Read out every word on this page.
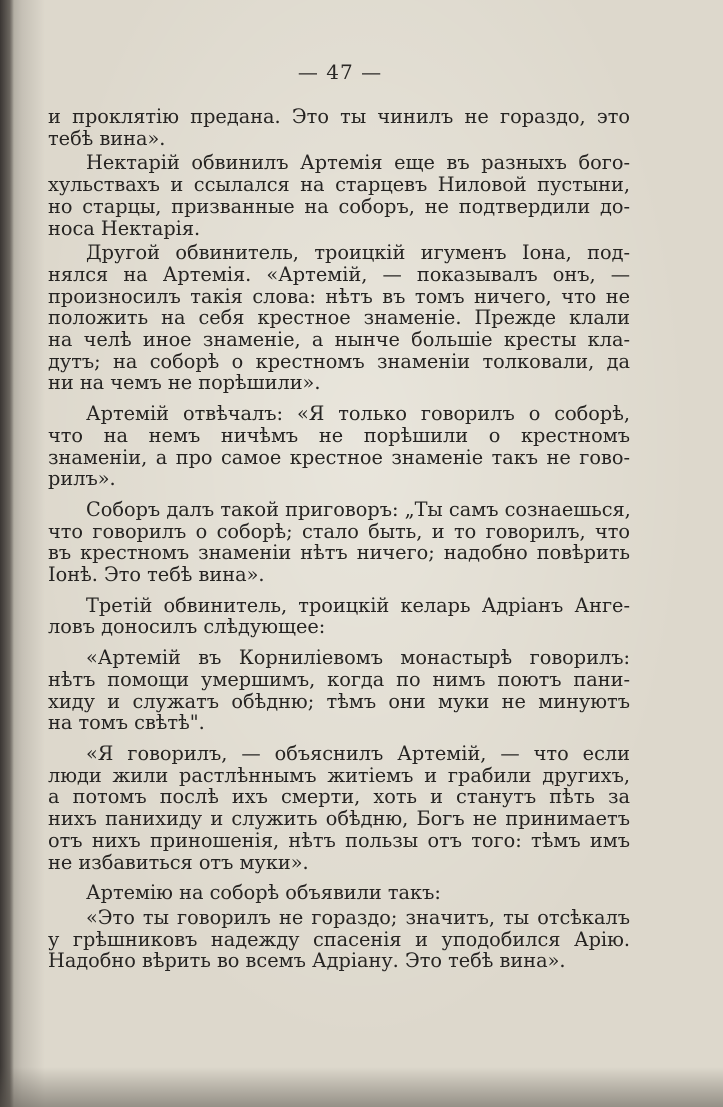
— 47 —
и проклятію предана. Это ты чинилъ не гораздо, это
тебѣ вина».
Нектарій обвинилъ Артемія еще въ разныхъ бого-
хульствахъ и ссылался на старцевъ Ниловой пустыни,
но старцы, призванные на соборъ, не подтвердили до-
носа Нектарія.
Другой обвинитель, троицкій игуменъ Іона, под-
нялся на Артемія. «Артемій, — показывалъ онъ, —
произносилъ такія слова: нѣтъ въ томъ ничего, что не
положить на себя крестное знаменіе. Прежде клали
на челѣ иное знаменіе, а нынче большіе кресты кла-
дутъ; на соборѣ о крестномъ знаменіи толковали, да
ни на чемъ не порѣшили».
Артемій отвѣчалъ: «Я только говорилъ о соборѣ,
что на немъ ничѣмъ не порѣшили о крестномъ
знаменіи, а про самое крестное знаменіе такъ не гово-
рилъ».
Соборъ далъ такой приговоръ: „Ты самъ сознаешься,
что говорилъ о соборѣ; стало быть, и то говорилъ, что
въ крестномъ знаменіи нѣтъ ничего; надобно повѣрить
Іонѣ. Это тебѣ вина».
Третій обвинитель, троицкій келарь Адріанъ Анге-
ловъ доносилъ слѣдующее:
«Артемій въ Корниліевомъ монастырѣ говорилъ:
нѣтъ помощи умершимъ, когда по нимъ поютъ пани-
хиду и служатъ обѣдню; тѣмъ они муки не минуютъ
на томъ свѣтѣ".
«Я говорилъ, — объяснилъ Артемій, — что если
люди жили растлѣннымъ житіемъ и грабили другихъ,
а потомъ послѣ ихъ смерти, хоть и станутъ пѣть за
нихъ панихиду и служить обѣдню, Богъ не принимаетъ
отъ нихъ приношенія, нѣтъ пользы отъ того: тѣмъ имъ
не избавиться отъ муки».
Артемію на соборѣ объявили такъ:
«Это ты говорилъ не гораздо; значитъ, ты отсѣкалъ
у грѣшниковъ надежду спасенія и уподобился Арію.
Надобно вѣрить во всемъ Адріану. Это тебѣ вина».
